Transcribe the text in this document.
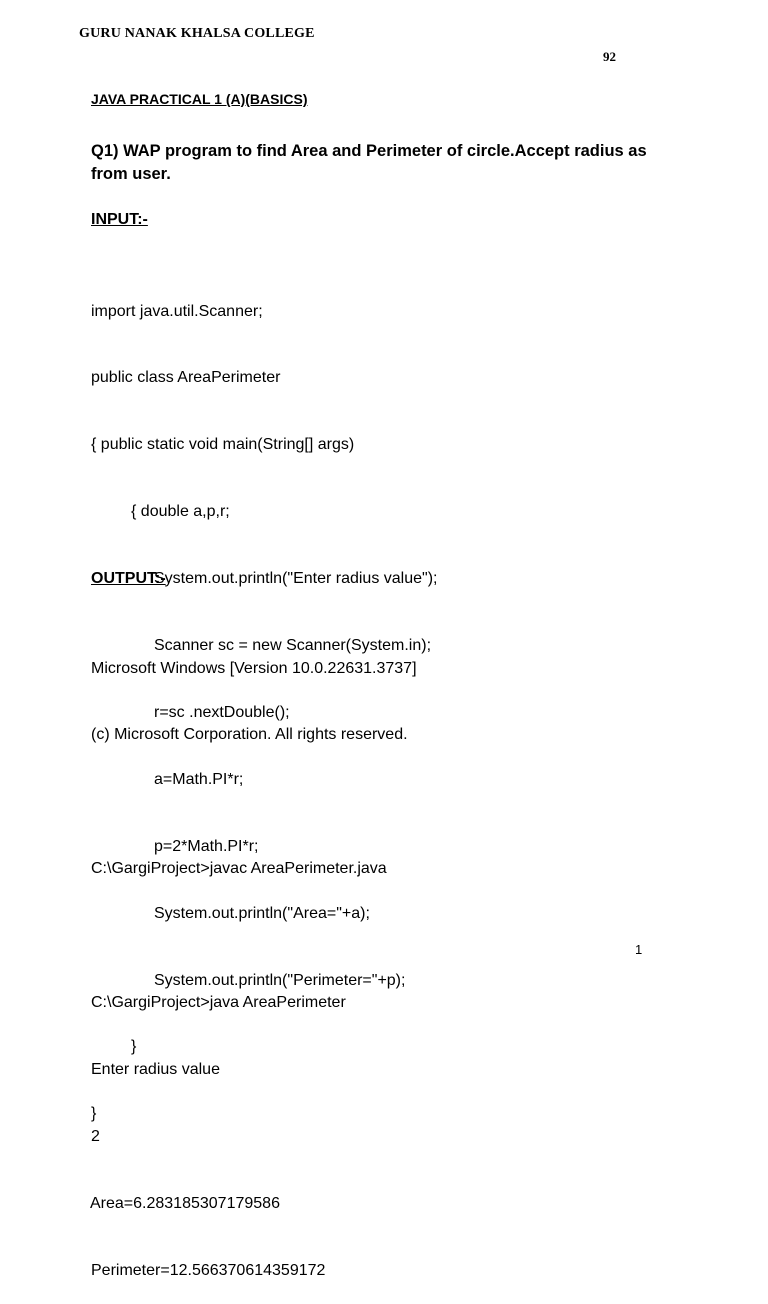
GURU NANAK KHALSA COLLEGE
92
JAVA PRACTICAL 1 (A)(BASICS)
Q1) WAP program to find Area and Perimeter of circle.Accept radius as from user.
INPUT:-

import java.util.Scanner;

public class AreaPerimeter

{ public static void main(String[] args)

{ double a,p,r;

System.out.println("Enter radius value");

Scanner sc = new Scanner(System.in);

r=sc .nextDouble();

a=Math.PI*r;

p=2*Math.PI*r;

System.out.println("Area="+a);

System.out.println("Perimeter="+p);

}

}

OUTPUT:-

Microsoft Windows [Version 10.0.22631.3737]

(c) Microsoft Corporation. All rights reserved.

C:\GargiProject>javac AreaPerimeter.java

C:\GargiProject>java AreaPerimeter

Enter radius value

2

Area=6.283185307179586

Perimeter=12.566370614359172

1
